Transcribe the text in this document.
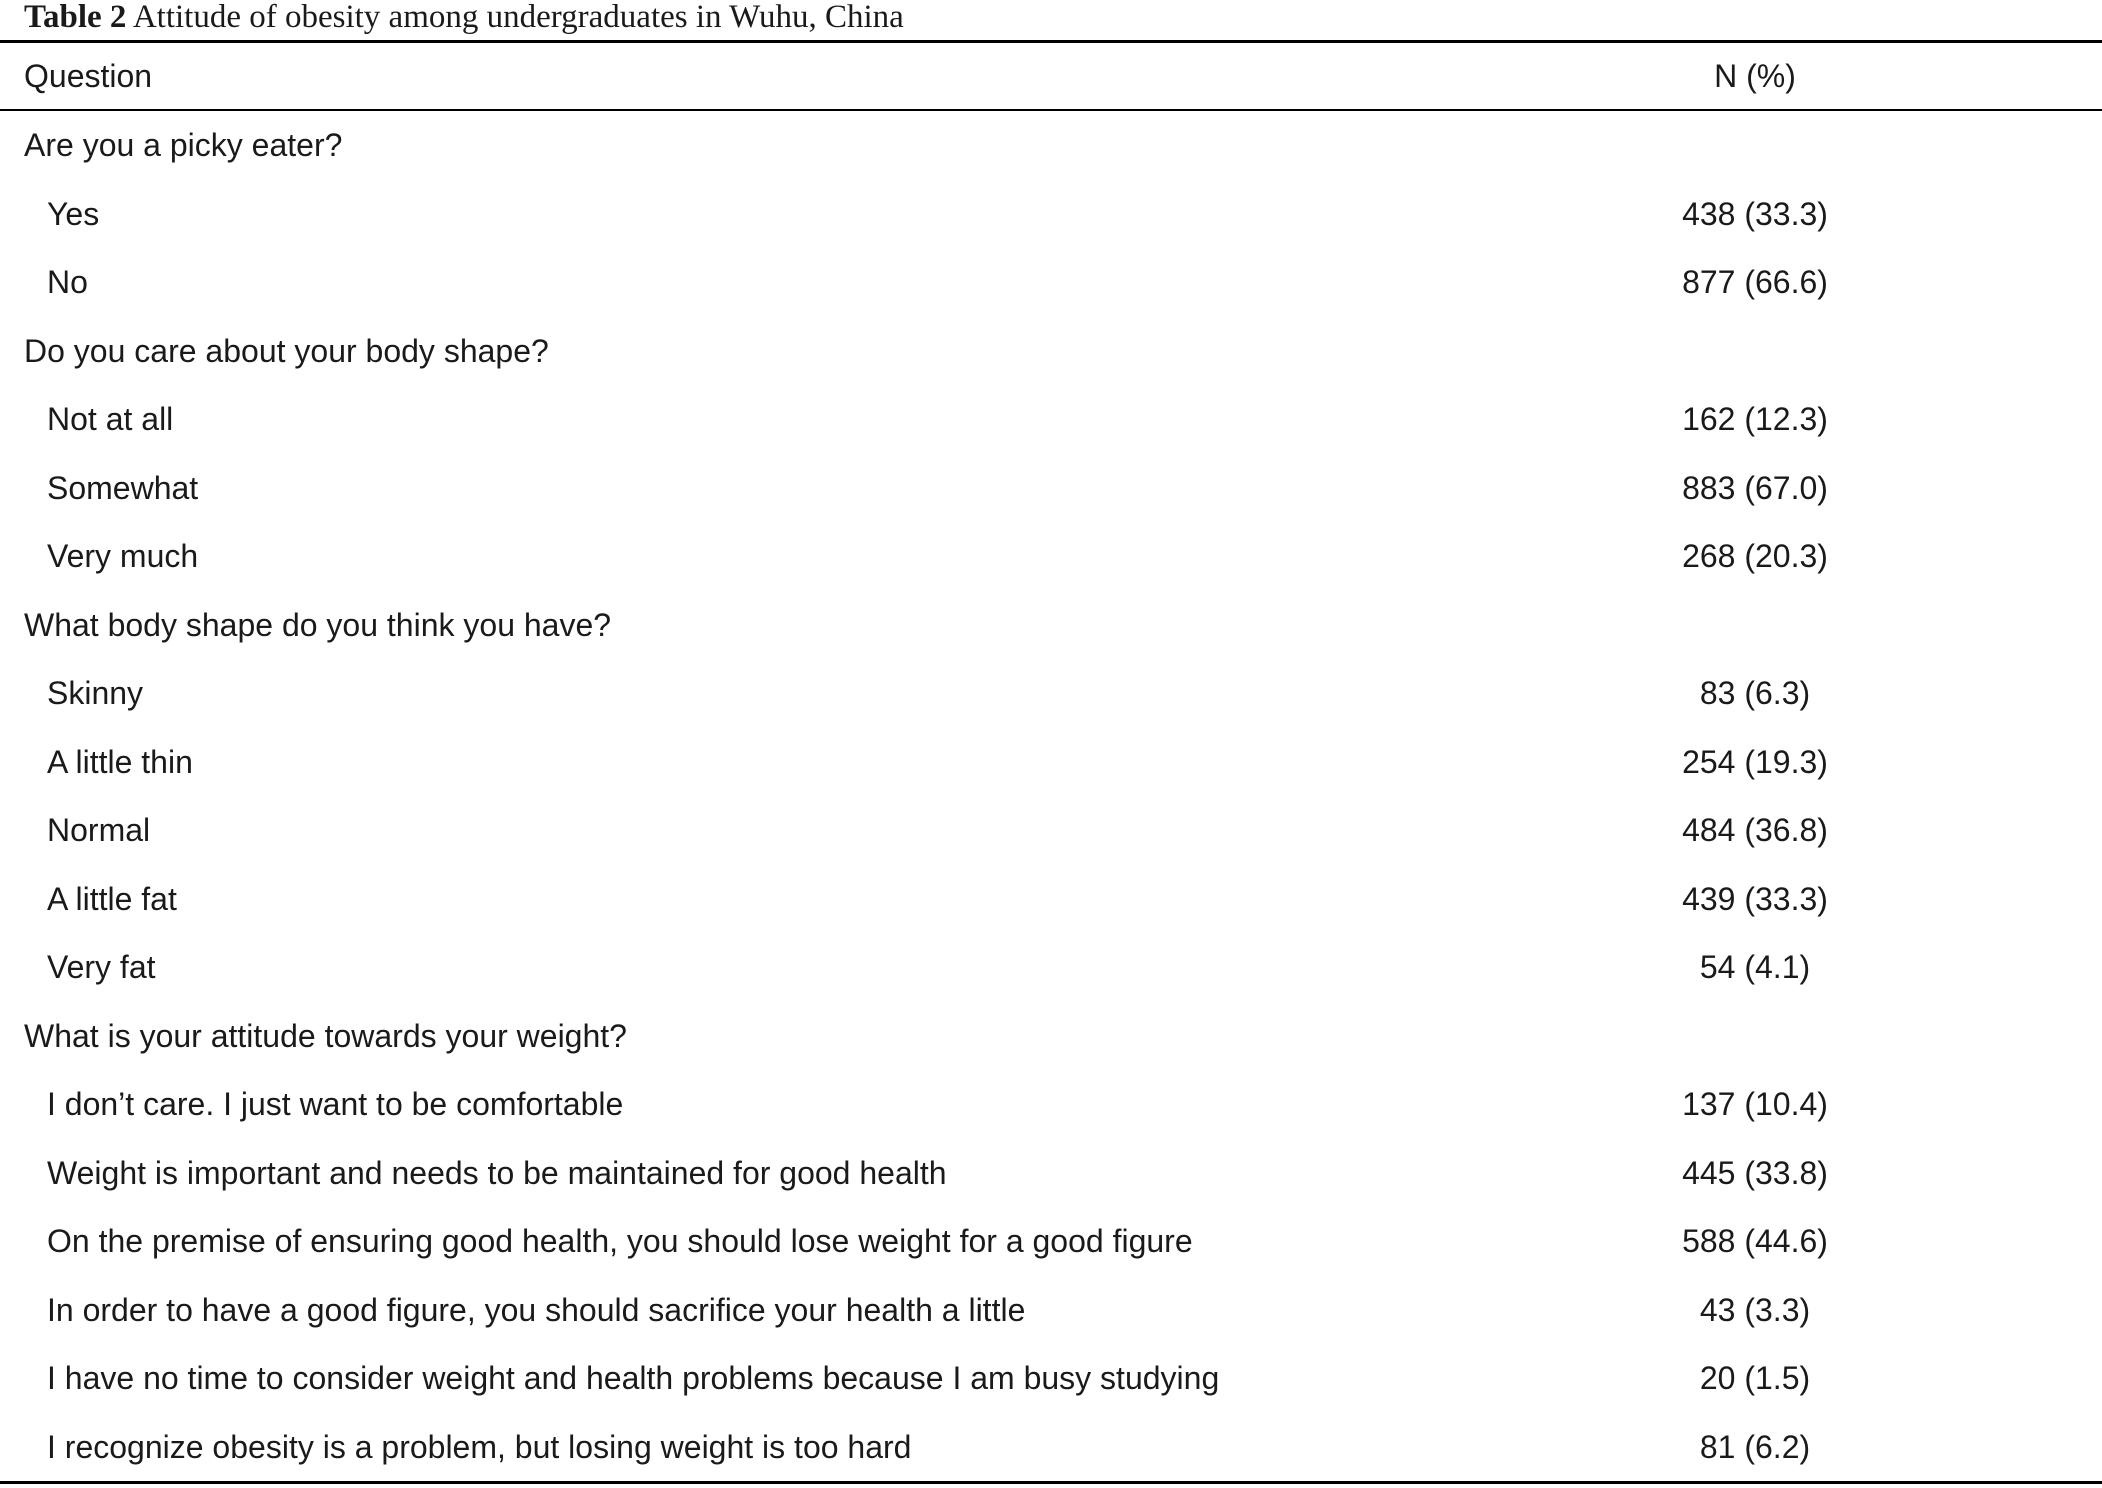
Table 2 Attitude of obesity among undergraduates in Wuhu, China
Question	N (%)
Are you a picky eater?
Yes	438 (33.3)
No	877 (66.6)
Do you care about your body shape?
Not at all	162 (12.3)
Somewhat	883 (67.0)
Very much	268 (20.3)
What body shape do you think you have?
Skinny	83 (6.3)
A little thin	254 (19.3)
Normal	484 (36.8)
A little fat	439 (33.3)
Very fat	54 (4.1)
What is your attitude towards your weight?
I don’t care. I just want to be comfortable	137 (10.4)
Weight is important and needs to be maintained for good health	445 (33.8)
On the premise of ensuring good health, you should lose weight for a good figure	588 (44.6)
In order to have a good figure, you should sacrifice your health a little	43 (3.3)
I have no time to consider weight and health problems because I am busy studying	20 (1.5)
I recognize obesity is a problem, but losing weight is too hard	81 (6.2)
